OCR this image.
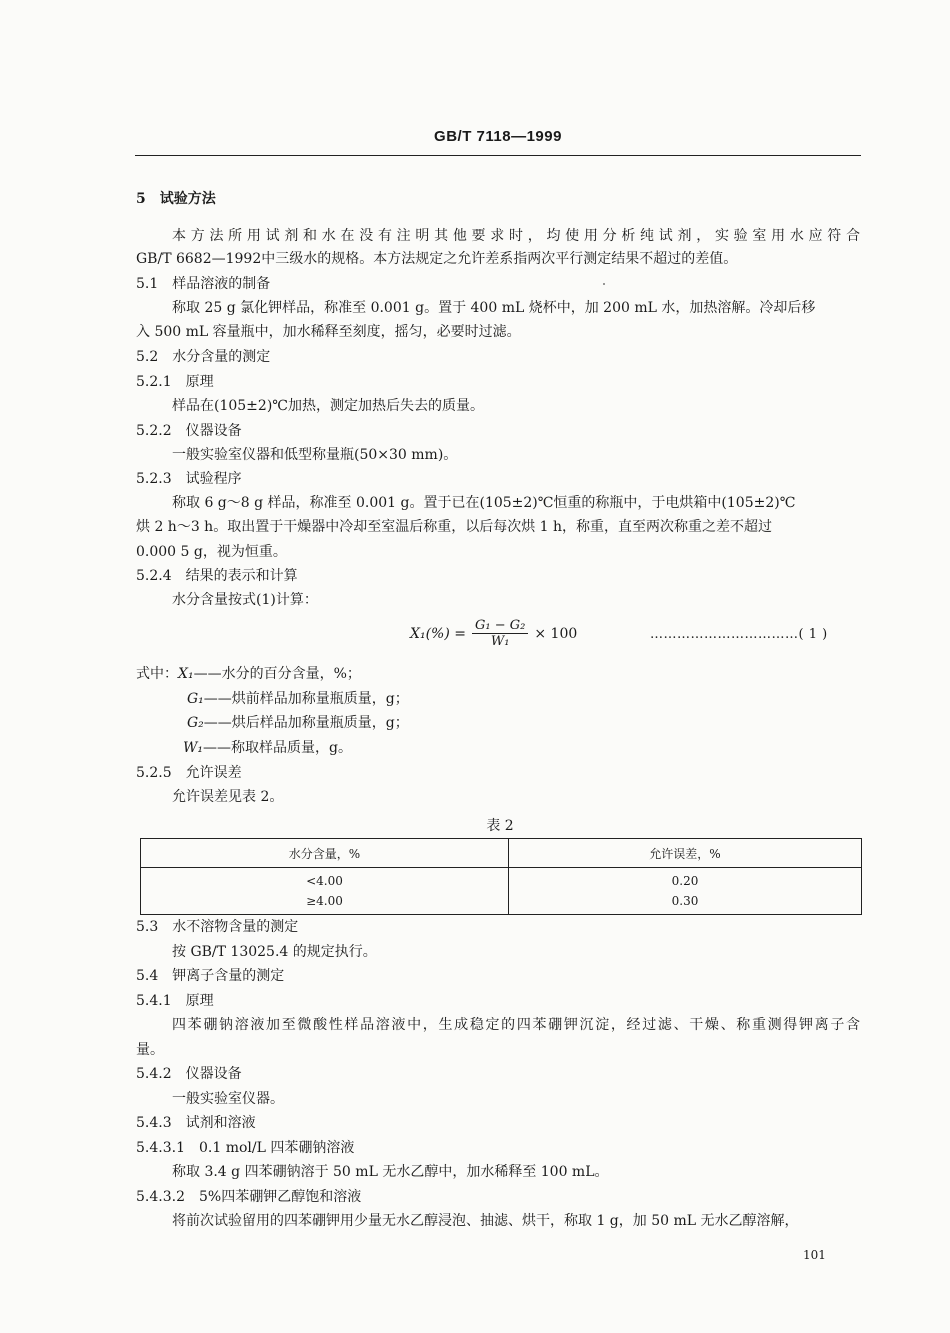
GB/T 7118—1999
5 试验方法
本方法所用试剂和水在没有注明其他要求时，均使用分析纯试剂，实验室用水应符合
GB/T 6682—1992中三级水的规格。本方法规定之允许差系指两次平行测定结果不超过的差值。
5.1 样品溶液的制备
称取 25 g 氯化钾样品，称准至 0.001 g。置于 400 mL 烧杯中，加 200 mL 水，加热溶解。冷却后移
入 500 mL 容量瓶中，加水稀释至刻度，摇匀，必要时过滤。
5.2 水分含量的测定
5.2.1 原理
样品在(105±2)℃加热，测定加热后失去的质量。
5.2.2 仪器设备
一般实验室仪器和低型称量瓶(50×30 mm)。
5.2.3 试验程序
称取 6 g～8 g 样品，称准至 0.001 g。置于已在(105±2)℃恒重的称瓶中，于电烘箱中(105±2)℃
烘 2 h～3 h。取出置于干燥器中冷却至室温后称重，以后每次烘 1 h，称重，直至两次称重之差不超过
0.000 5 g，视为恒重。
5.2.4 结果的表示和计算
水分含量按式(1)计算：
$X_1(\%) = \frac{\text{G₁ − G₂}}{\text{W₁}} \times 100$	……………………………( 1 )
式中：X₁——水分的百分含量，%；
G₁——烘前样品加称量瓶质量，g；
G₂——烘后样品加称量瓶质量，g；
W₁——称取样品质量，g。
5.2.5 允许误差
允许误差见表 2。
表 2
水分含量，%	允许误差，%
<4.00	0.20
≥4.00	0.30
5.3 水不溶物含量的测定
按 GB/T 13025.4 的规定执行。
5.4 钾离子含量的测定
5.4.1 原理
四苯硼钠溶液加至微酸性样品溶液中，生成稳定的四苯硼钾沉淀，经过滤、干燥、称重测得钾离子含
量。
5.4.2 仪器设备
一般实验室仪器。
5.4.3 试剂和溶液
5.4.3.1 0.1 mol/L 四苯硼钠溶液
称取 3.4 g 四苯硼钠溶于 50 mL 无水乙醇中，加水稀释至 100 mL。
5.4.3.2 5%四苯硼钾乙醇饱和溶液
将前次试验留用的四苯硼钾用少量无水乙醇浸泡、抽滤、烘干，称取 1 g，加 50 mL 无水乙醇溶解，
101
